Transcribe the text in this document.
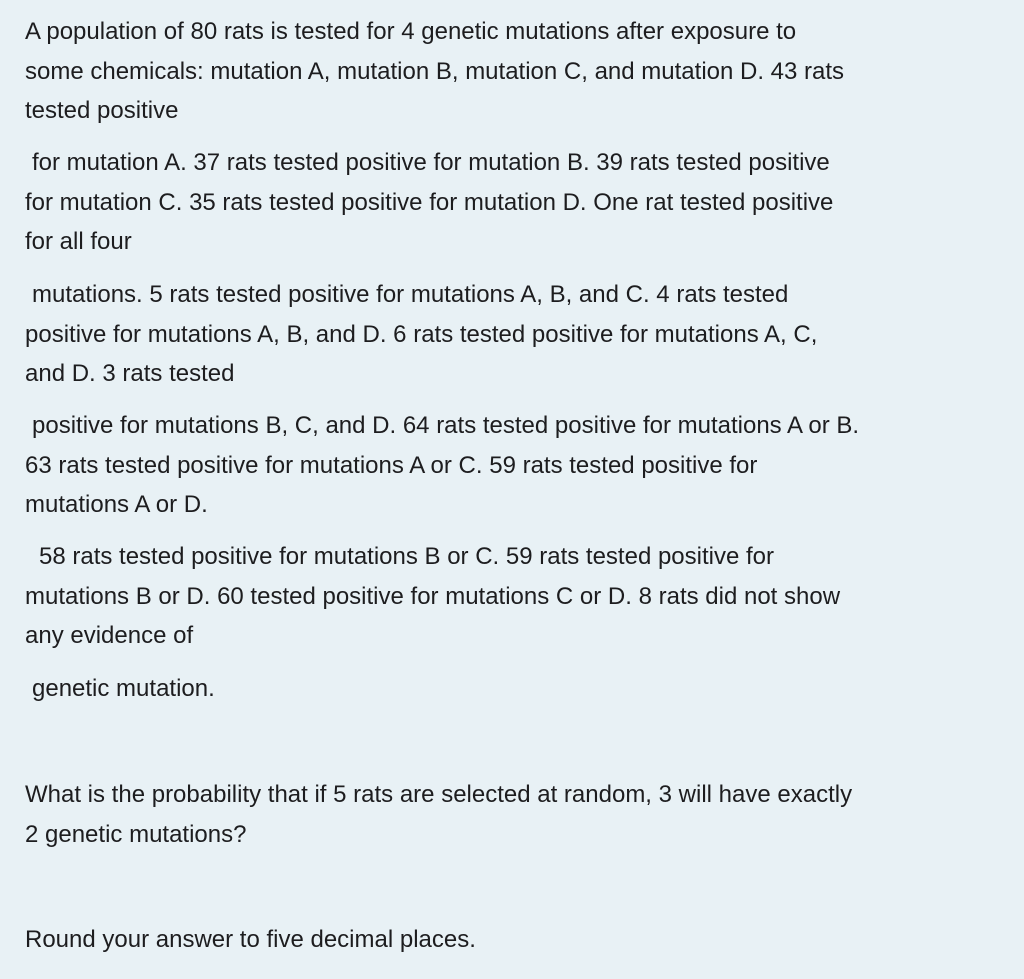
A population of 80 rats is tested for 4 genetic mutations after exposure to
some chemicals: mutation A, mutation B, mutation C, and mutation D. 43 rats
tested positive

for mutation A. 37 rats tested positive for mutation B. 39 rats tested positive
for mutation C. 35 rats tested positive for mutation D. One rat tested positive
for all four

mutations. 5 rats tested positive for mutations A, B, and C. 4 rats tested
positive for mutations A, B, and D. 6 rats tested positive for mutations A, C,
and D. 3 rats tested

positive for mutations B, C, and D. 64 rats tested positive for mutations A or B.
63 rats tested positive for mutations A or C. 59 rats tested positive for
mutations A or D.

58 rats tested positive for mutations B or C. 59 rats tested positive for
mutations B or D. 60 tested positive for mutations C or D. 8 rats did not show
any evidence of

genetic mutation.

What is the probability that if 5 rats are selected at random, 3 will have exactly
2 genetic mutations?

Round your answer to five decimal places.
